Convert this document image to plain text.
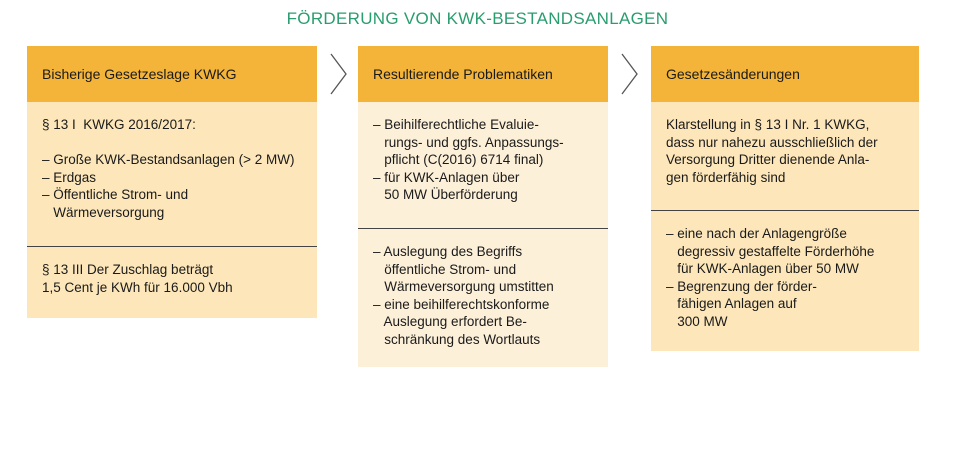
FÖRDERUNG VON KWK-BESTANDSANLAGEN
Bisherige Gesetzeslage KWKG
§ 13 I  KWKG 2016/2017:

– Große KWK-Bestandsanlagen (> 2 MW)
– Erdgas
– Öffentliche Strom- und
Wärmeversorgung
§ 13 III Der Zuschlag beträgt
1,5 Cent je KWh für 16.000 Vbh
Resultierende Problematiken
– Beihilferechtliche Evaluie-
rungs- und ggfs. Anpassungs-
pflicht (C(2016) 6714 final)
– für KWK-Anlagen über
50 MW Überförderung
– Auslegung des Begriffs
öffentliche Strom- und
Wärmeversorgung umstitten
– eine beihilferechtskonforme
Auslegung erfordert Be-
schränkung des Wortlauts
Gesetzesänderungen
Klarstellung in § 13 I Nr. 1 KWKG,
dass nur nahezu ausschließlich der
Versorgung Dritter dienende Anla-
gen förderfähig sind
– eine nach der Anlagengröße
degressiv gestaffelte Förderhöhe
für KWK-Anlagen über 50 MW
– Begrenzung der förder-
fähigen Anlagen auf
300 MW
